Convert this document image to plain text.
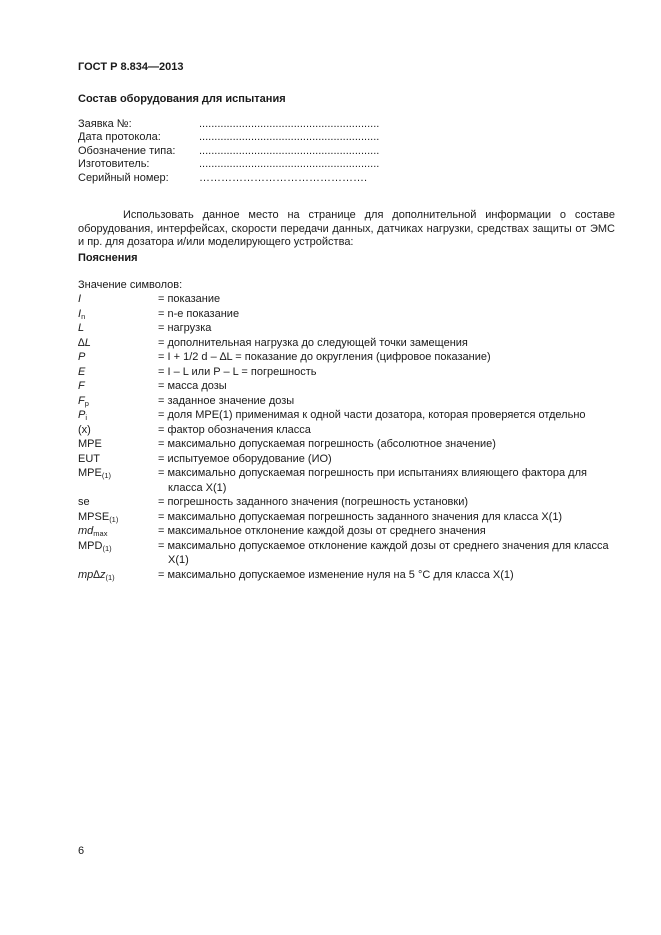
ГОСТ Р 8.834—2013
Состав оборудования для испытания
Заявка №:	...........................................................
Дата протокола:	...........................................................
Обозначение типа:	...........................................................
Изготовитель:	...........................................................
Серийный номер:	……………………………………….
Использовать данное место на странице для дополнительной информации о составе оборудования, интерфейсах, скорости передачи данных, датчиках нагрузки, средствах защиты от ЭМС и пр. для дозатора и/или моделирующего устройства:
Пояснения
Значение символов:
I	= показание
$I_n$	= n-е показание
L	= нагрузка
∆L	= дополнительная нагрузка до следующей точки замещения
P	= I + 1/2 d – ∆L = показание до округления (цифровое показание)
E	= I – L или P – L = погрешность
F	= масса дозы
$F_p$	= заданное значение дозы
$P_i$	= доля MPE(1) применимая к одной части дозатора, которая проверяется отдельно
(x)	= фактор обозначения класса
MPE	= максимально допускаемая погрешность (абсолютное значение)
EUT	= испытуемое оборудование (ИО)
$MPE_{(1)}$	= максимально допускаемая погрешность при испытаниях влияющего фактора для
класса X(1)
se	= погрешность заданного значения (погрешность установки)
$MPSE_{(1)}$	= максимально допускаемая погрешность заданного значения для класса X(1)
$md_{max}$	= максимальное отклонение каждой дозы от среднего значения
$MPD_{(1)}$	= максимально допускаемое отклонение каждой дозы от среднего значения для класса
X(1)
$mp\Delta z_{(1)}$	= максимально допускаемое изменение нуля на 5 °С для класса X(1)
6
